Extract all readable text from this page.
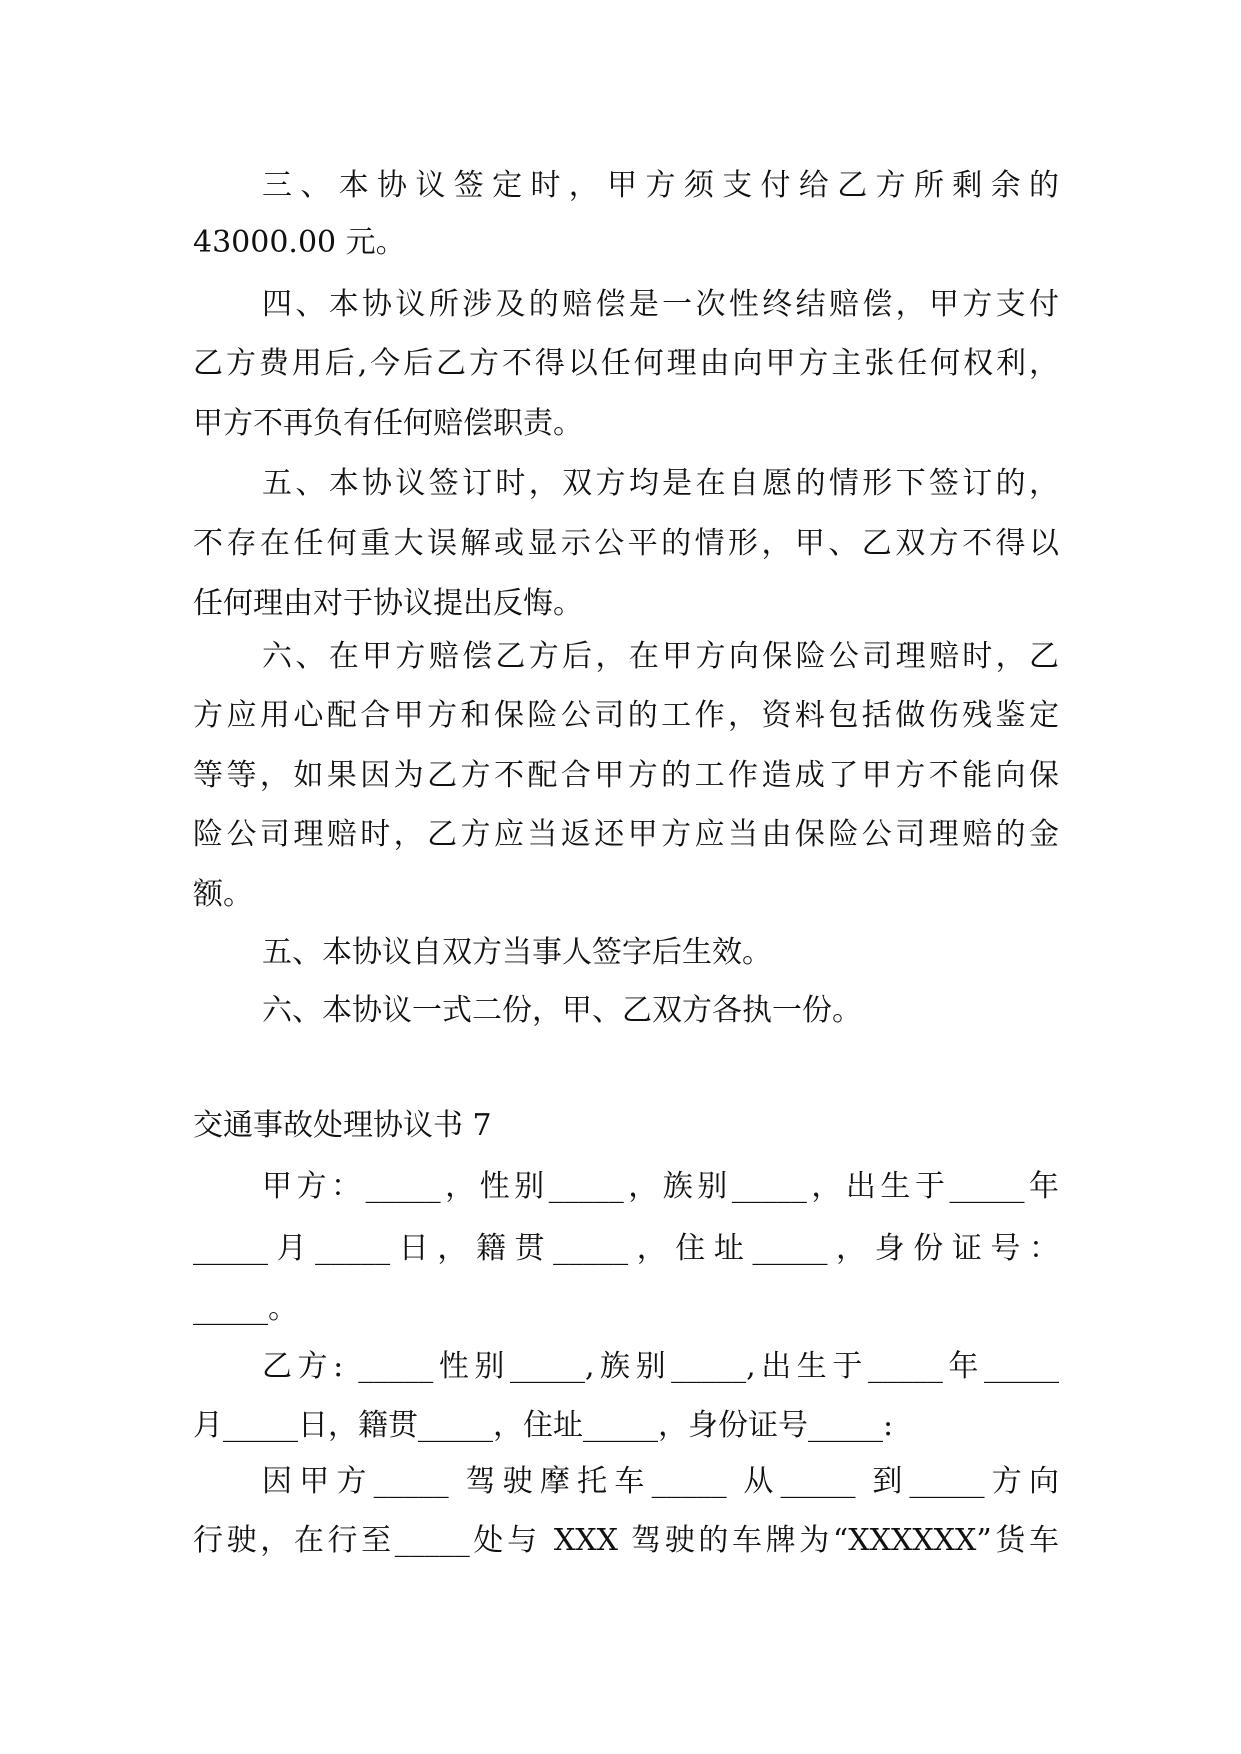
三、本协议签定时，甲方须支付给乙方所剩余的
43000.00 元。
四、本协议所涉及的赔偿是一次性终结赔偿，甲方支付
乙方费用后,今后乙方不得以任何理由向甲方主张任何权利，
甲方不再负有任何赔偿职责。
五、本协议签订时，双方均是在自愿的情形下签订的，
不存在任何重大误解或显示公平的情形，甲、乙双方不得以
任何理由对于协议提出反悔。
六、在甲方赔偿乙方后，在甲方向保险公司理赔时，乙
方应用心配合甲方和保险公司的工作，资料包括做伤残鉴定
等等，如果因为乙方不配合甲方的工作造成了甲方不能向保
险公司理赔时，乙方应当返还甲方应当由保险公司理赔的金
额。
五、本协议自双方当事人签字后生效。
六、本协议一式二份，甲、乙双方各执一份。
交通事故处理协议书 7
甲方：_____，性别_____，族别_____，出生于_____年
_____月_____日，籍贯_____，住址_____，身份证号：
_____。
乙方: _____性别_____,族别_____,出生于_____年_____
月_____日，籍贯_____，住址_____，身份证号_____:
因甲方_____ 驾驶摩托车_____ 从_____ 到_____方向
行驶，在行至_____处与 XXX 驾驶的车牌为“XXXXXX”货车
